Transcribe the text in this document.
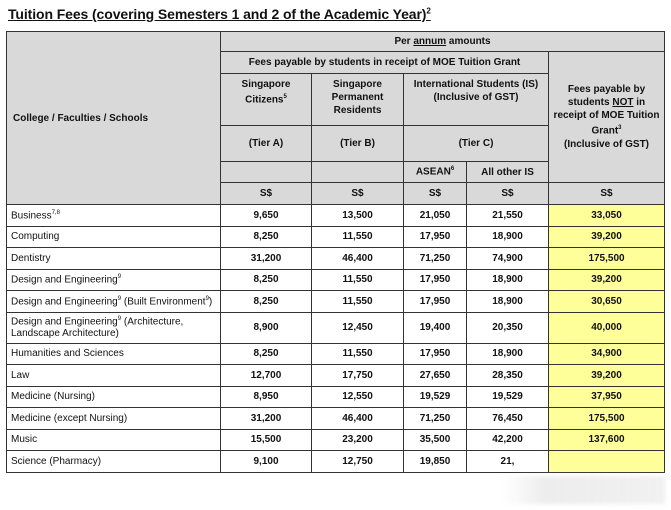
Tuition Fees (covering Semesters 1 and 2 of the Academic Year)$^2$
College / Faculties / Schools	Per annum amounts					
	Fees payable by students in receipt of MOE Tuition Grant				Fees payable by students NOT in receipt of MOE Tuition Grant$^3$
(Inclusive of GST)	
	Singapore Citizens$^5$	Singapore Permanent Residents	International Students (IS)
(Inclusive of GST)			
	(Tier A)	(Tier B)	(Tier C)			
			ASEAN$^6$	All other IS		
	S$	S$	S$	S$	S$	
Business$^{7,8}$	9,650	13,500	21,050	21,550	33,050	
Computing	8,250	11,550	17,950	18,900	39,200	
Dentistry	31,200	46,400	71,250	74,900	175,500	
Design and Engineering$^9$	8,250	11,550	17,950	18,900	39,200	
Design and Engineering$^9$ (Built Environment$^9$)	8,250	11,550	17,950	18,900	30,650	
Design and Engineering$^9$ (Architecture, Landscape Architecture)	8,900	12,450	19,400	20,350	40,000	
Humanities and Sciences	8,250	11,550	17,950	18,900	34,900	
Law	12,700	17,750	27,650	28,350	39,200	
Medicine (Nursing)	8,950	12,550	19,529	19,529	37,950	
Medicine (except Nursing)	31,200	46,400	71,250	76,450	175,500	
Music	15,500	23,200	35,500	42,200	137,600	
Science (Pharmacy)	9,100	12,750	19,850	21,		
